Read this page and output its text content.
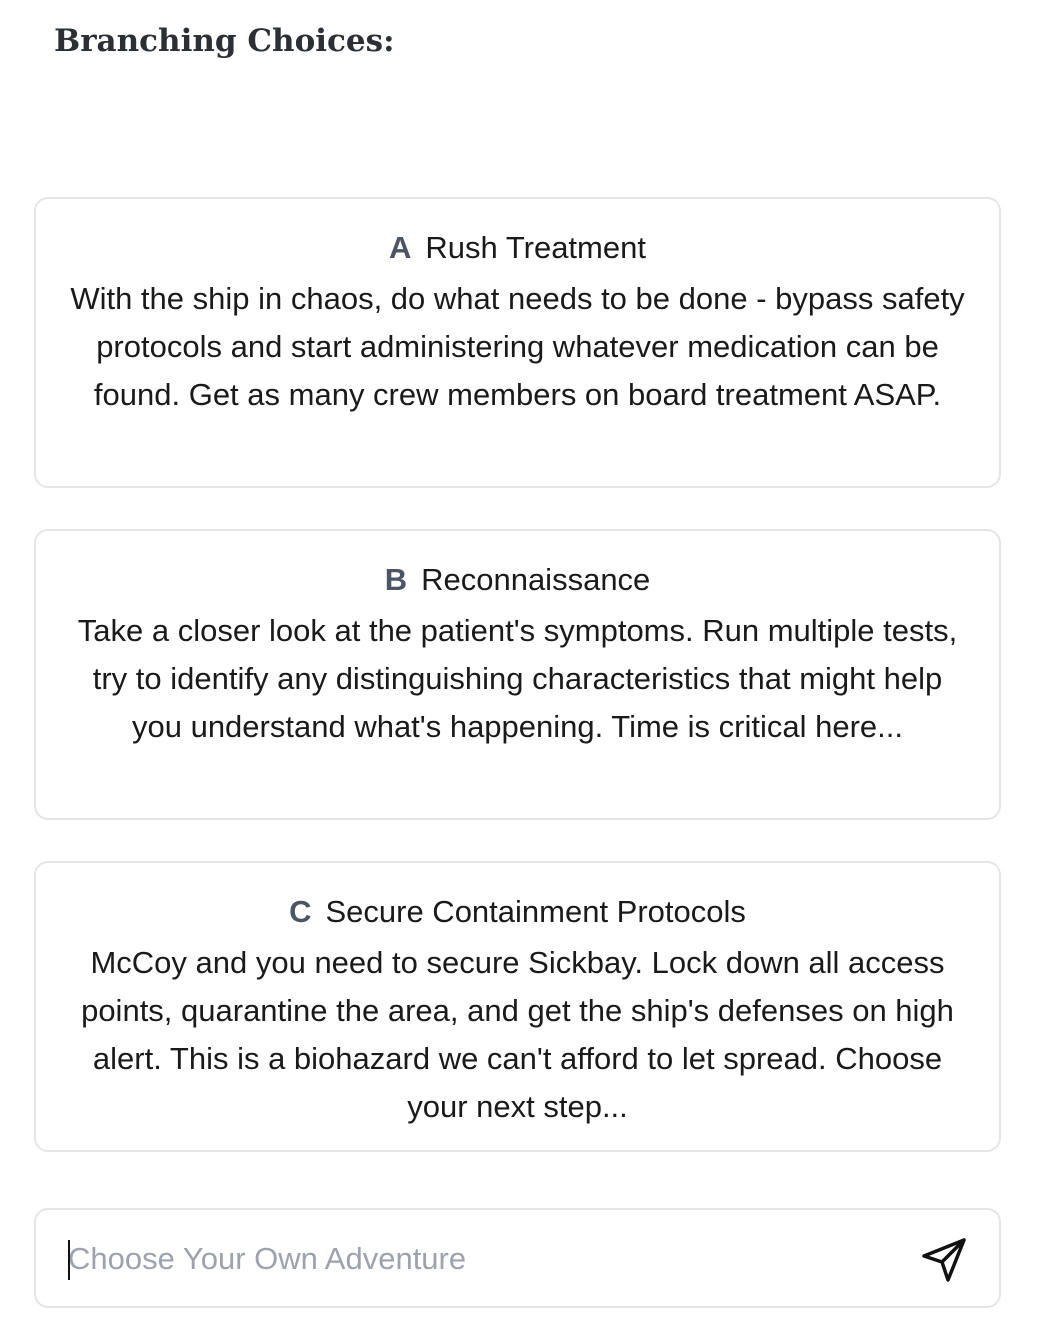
Branching Choices:
A Rush Treatment
With the ship in chaos, do what needs to be done - bypass safety protocols and start administering whatever medication can be found. Get as many crew members on board treatment ASAP.
B Reconnaissance
Take a closer look at the patient's symptoms. Run multiple tests, try to identify any distinguishing characteristics that might help you understand what's happening. Time is critical here...
C Secure Containment Protocols
McCoy and you need to secure Sickbay. Lock down all access points, quarantine the area, and get the ship's defenses on high alert. This is a biohazard we can't afford to let spread. Choose your next step...
Choose Your Own Adventure
